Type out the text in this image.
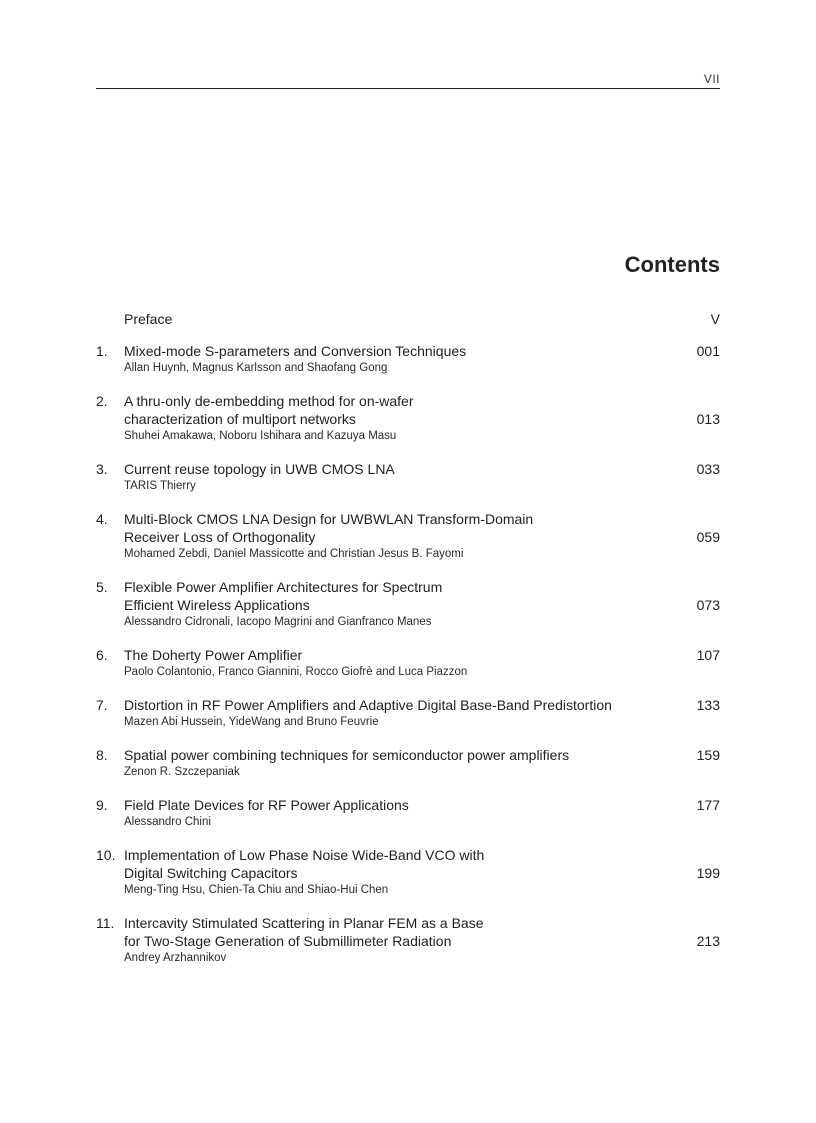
VII
Contents
Preface	V
1. Mixed-mode S-parameters and Conversion Techniques	001
Allan Huynh, Magnus Karlsson and Shaofang Gong
2. A thru-only de-embedding method for on-wafer
characterization of multiport networks	013
Shuhei Amakawa, Noboru Ishihara and Kazuya Masu
3. Current reuse topology in UWB CMOS LNA	033
TARIS Thierry
4. Multi-Block CMOS LNA Design for UWBWLAN Transform-Domain
Receiver Loss of Orthogonality	059
Mohamed Zebdi, Daniel Massicotte and Christian Jesus B. Fayomi
5. Flexible Power Amplifier Architectures for Spectrum
Efficient Wireless Applications	073
Alessandro Cidronali, Iacopo Magrini and Gianfranco Manes
6. The Doherty Power Amplifier	107
Paolo Colantonio, Franco Giannini, Rocco Giofrè and Luca Piazzon
7. Distortion in RF Power Amplifiers and Adaptive Digital Base-Band Predistortion	133
Mazen Abi Hussein, YideWang and Bruno Feuvrie
8. Spatial power combining techniques for semiconductor power amplifiers	159
Zenon R. Szczepaniak
9. Field Plate Devices for RF Power Applications	177
Alessandro Chini
10. Implementation of Low Phase Noise Wide-Band VCO with
Digital Switching Capacitors	199
Meng-Ting Hsu, Chien-Ta Chiu and Shiao-Hui Chen
11. Intercavity Stimulated Scattering in Planar FEM as a Base
for Two-Stage Generation of Submillimeter Radiation	213
Andrey Arzhannikov
